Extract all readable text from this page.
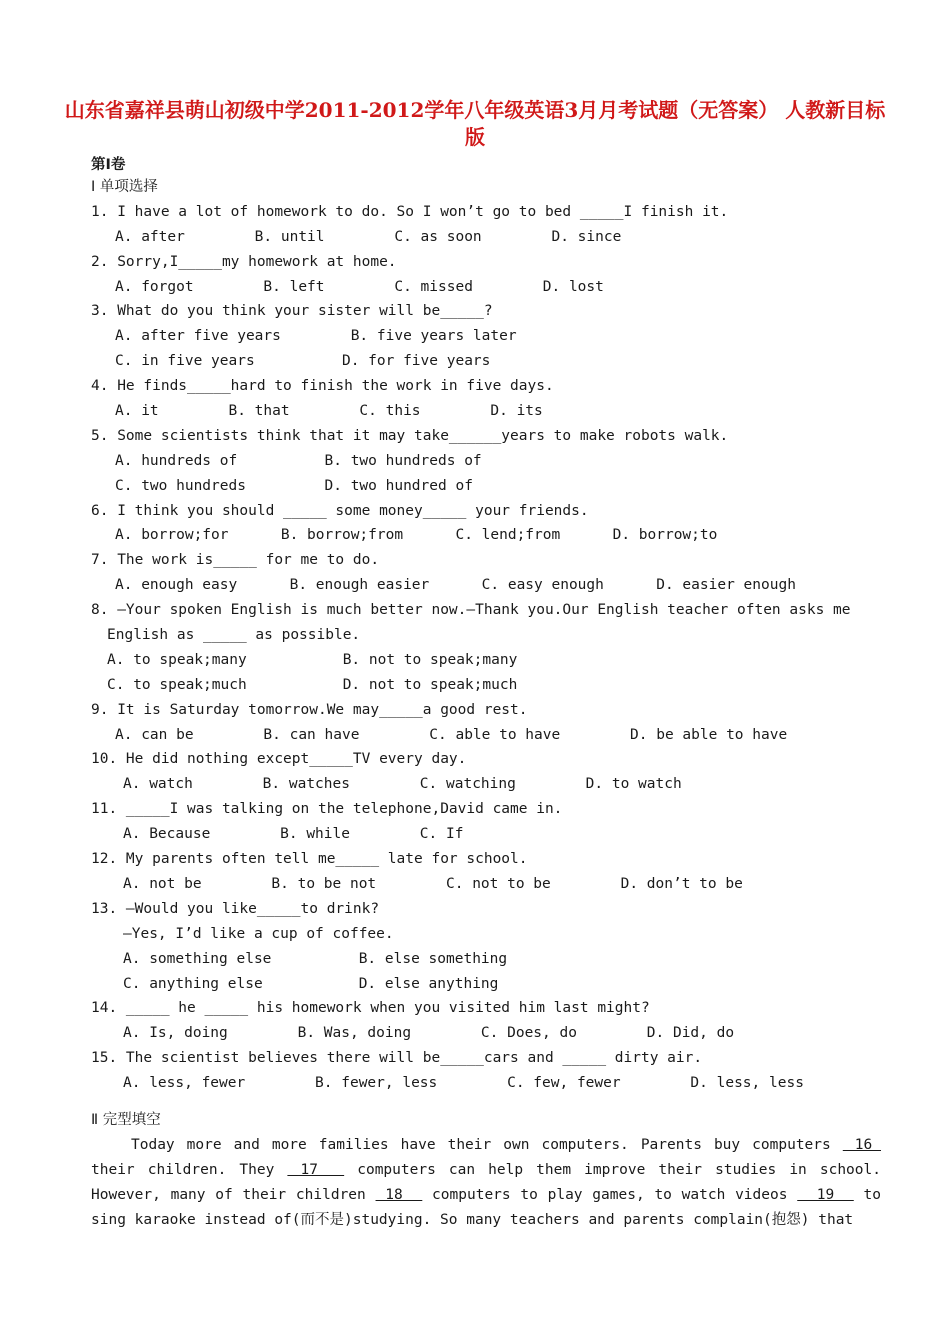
山东省嘉祥县萌山初级中学2011-2012学年八年级英语3月月考试题（无答案） 人教新目标版
第Ⅰ卷
Ⅰ 单项选择
1. I have a lot of homework to do. So I won’t go to bed _____I finish it.
A. after        B. until        C. as soon        D. since
2. Sorry,I_____my homework at home.
A. forgot        B. left        C. missed        D. lost
3. What do you think your sister will be_____?
A. after five years        B. five years later
C. in five years          D. for five years
4. He finds_____hard to finish the work in five days.
A. it        B. that        C. this        D. its
5. Some scientists think that it may take______years to make robots walk.
A. hundreds of          B. two hundreds of
C. two hundreds         D. two hundred of
6. I think you should _____ some money_____ your friends.
A. borrow;for      B. borrow;from      C. lend;from      D. borrow;to
7. The work is_____ for me to do.
A. enough easy      B. enough easier      C. easy enough      D. easier enough
8. —Your spoken English is much better now.—Thank you.Our English teacher often asks me
English as _____ as possible.
A. to speak;many           B. not to speak;many
C. to speak;much           D. not to speak;much
9. It is Saturday tomorrow.We may_____a good rest.
A. can be        B. can have        C. able to have        D. be able to have
10. He did nothing except_____TV every day.
A. watch        B. watches        C. watching        D. to watch
11. _____I was talking on the telephone,David came in.
A. Because        B. while        C. If
12. My parents often tell me_____ late for school.
A. not be        B. to be not        C. not to be        D. don’t to be
13. —Would you like_____to drink?
—Yes, I’d like a cup of coffee.
A. something else          B. else something
C. anything else           D. else anything
14. _____ he _____ his homework when you visited him last might?
A. Is, doing        B. Was, doing        C. Does, do        D. Did, do
15. The scientist believes there will be_____cars and _____ dirty air.
A. less, fewer        B. fewer, less        C. few, fewer        D. less, less
Ⅱ 完型填空
Today more and more families have their own computers. Parents buy computers  16  their children. They  17   computers can help them improve their studies in school. However, many of their children  18   computers to play games, to watch videos   19   to sing karaoke instead of(而不是)studying. So many teachers and parents complain(抱怨) that
